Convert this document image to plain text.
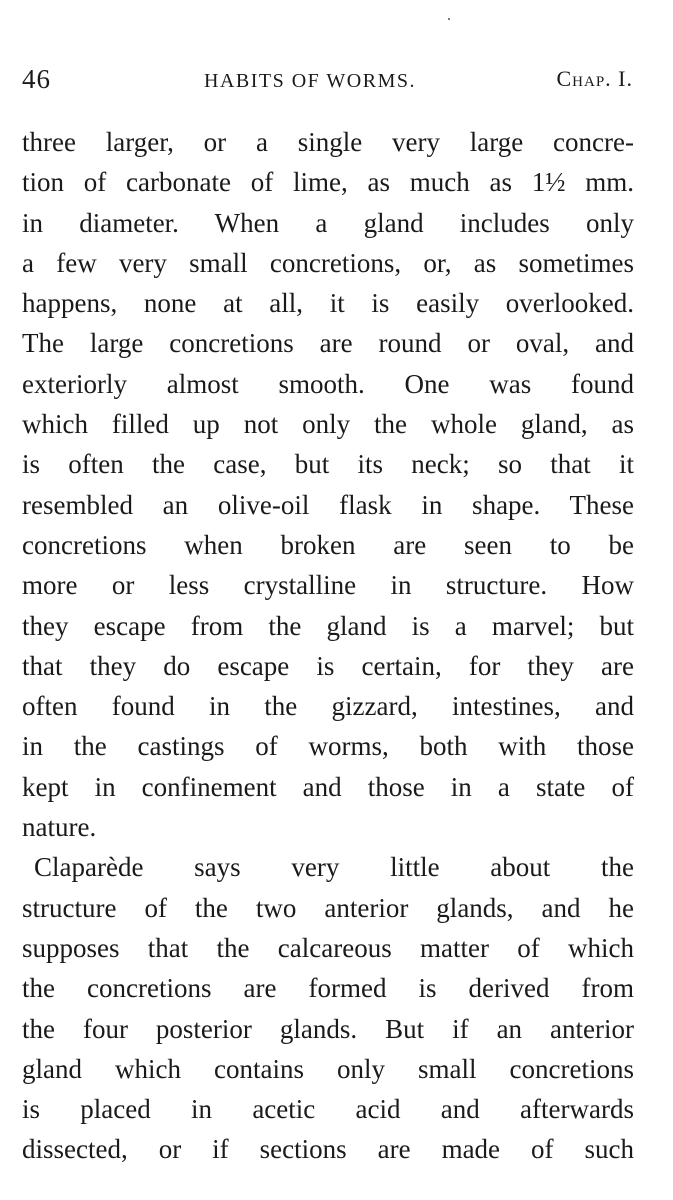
46	HABITS OF WORMS.	Chap. I.
three larger, or a single very large concre-
tion of carbonate of lime, as much as 1½ mm.
in diameter. When a gland includes only
a few very small concretions, or, as sometimes
happens, none at all, it is easily overlooked.
The large concretions are round or oval, and
exteriorly almost smooth. One was found
which filled up not only the whole gland, as
is often the case, but its neck; so that it
resembled an olive-oil flask in shape. These
concretions when broken are seen to be
more or less crystalline in structure. How
they escape from the gland is a marvel; but
that they do escape is certain, for they are
often found in the gizzard, intestines, and
in the castings of worms, both with those
kept in confinement and those in a state of
nature.
Claparède says very little about the
structure of the two anterior glands, and he
supposes that the calcareous matter of which
the concretions are formed is derived from
the four posterior glands. But if an anterior
gland which contains only small concretions
is placed in acetic acid and afterwards
dissected, or if sections are made of such
